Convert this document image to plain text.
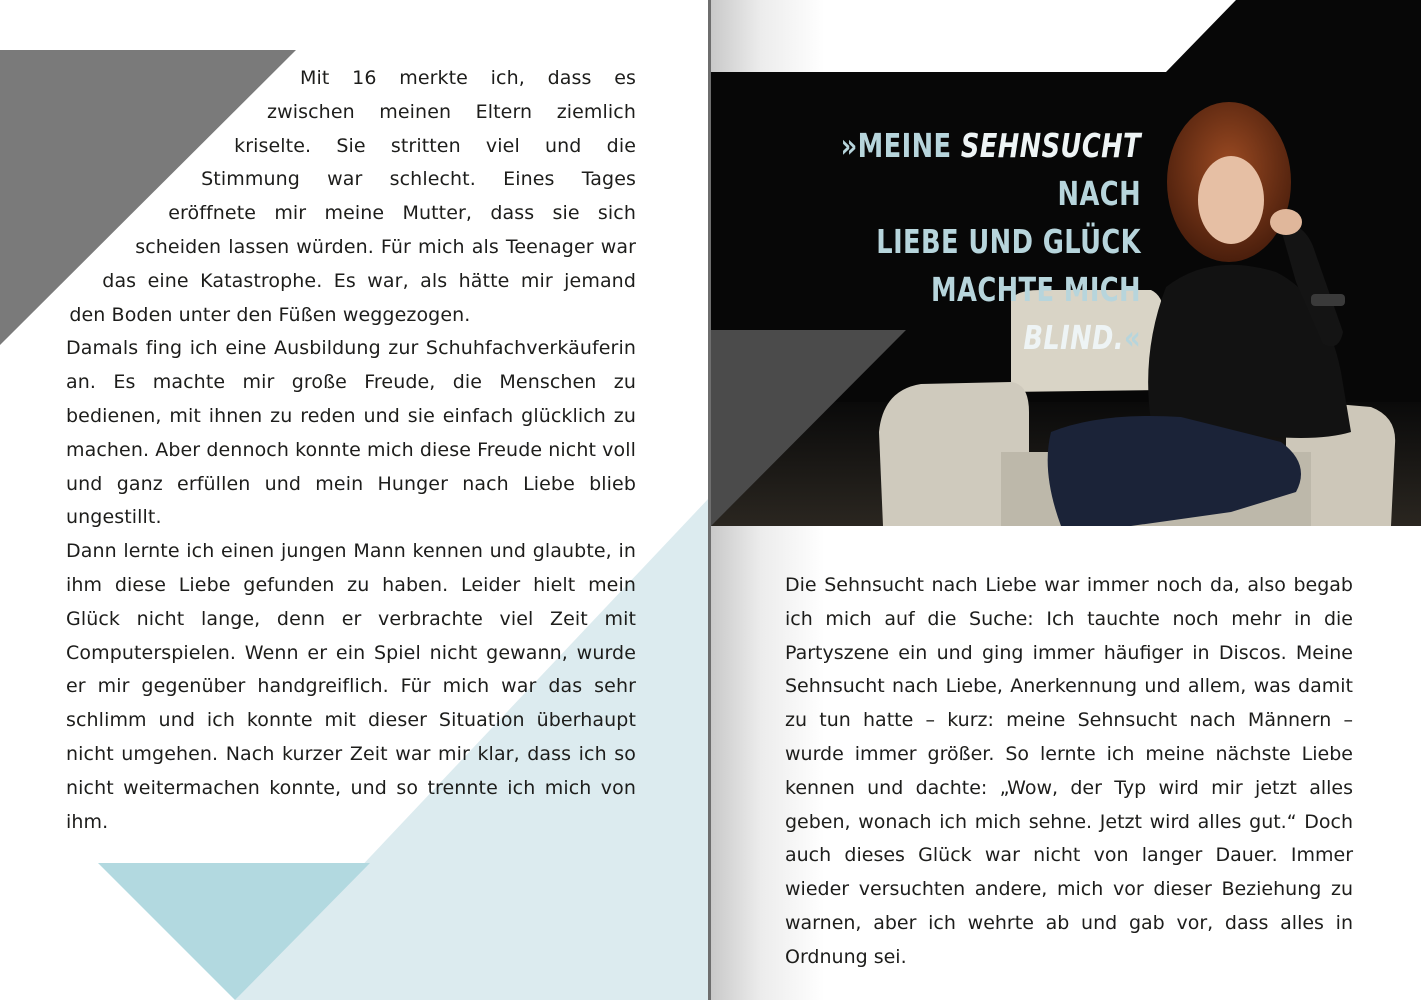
Mit 16 merkte ich, dass es zwischen meinen Eltern ziemlich kriselte. Sie stritten viel und die Stimmung war schlecht. Eines Tages eröffnete mir meine Mutter, dass sie sich scheiden lassen würden. Für mich als Teenager war das eine Katastrophe. Es war, als hätte mir jemand den Boden unter den Füßen weggezogen.

Damals fing ich eine Ausbildung zur Schuhfachverkäuferin an. Es machte mir große Freude, die Menschen zu bedienen, mit ihnen zu reden und sie einfach glücklich zu machen. Aber dennoch konnte mich diese Freude nicht voll und ganz erfüllen und mein Hunger nach Liebe blieb ungestillt.

Dann lernte ich einen jungen Mann kennen und glaubte, in ihm diese Liebe gefunden zu haben. Leider hielt mein Glück nicht lange, denn er verbrachte viel Zeit mit Computerspielen. Wenn er ein Spiel nicht gewann, wurde er mir gegenüber handgreiflich. Für mich war das sehr schlimm und ich konnte mit dieser Situation überhaupt nicht umgehen. Nach kurzer Zeit war mir klar, dass ich so nicht weitermachen konnte, und so trennte ich mich von ihm.

»MEINE SEHNSUCHT NACH
LIEBE UND GLÜCK
MACHTE MICH BLIND.«

Die Sehnsucht nach Liebe war immer noch da, also begab ich mich auf die Suche: Ich tauchte noch mehr in die Partyszene ein und ging immer häufiger in Discos. Meine Sehnsucht nach Liebe, Anerkennung und allem, was damit zu tun hatte – kurz: meine Sehnsucht nach Männern – wurde immer größer. So lernte ich meine nächste Liebe kennen und dachte: „Wow, der Typ wird mir jetzt alles geben, wonach ich mich sehne. Jetzt wird alles gut.“ Doch auch dieses Glück war nicht von langer Dauer. Immer wieder versuchten andere, mich vor dieser Beziehung zu warnen, aber ich wehrte ab und gab vor, dass alles in Ordnung sei.
